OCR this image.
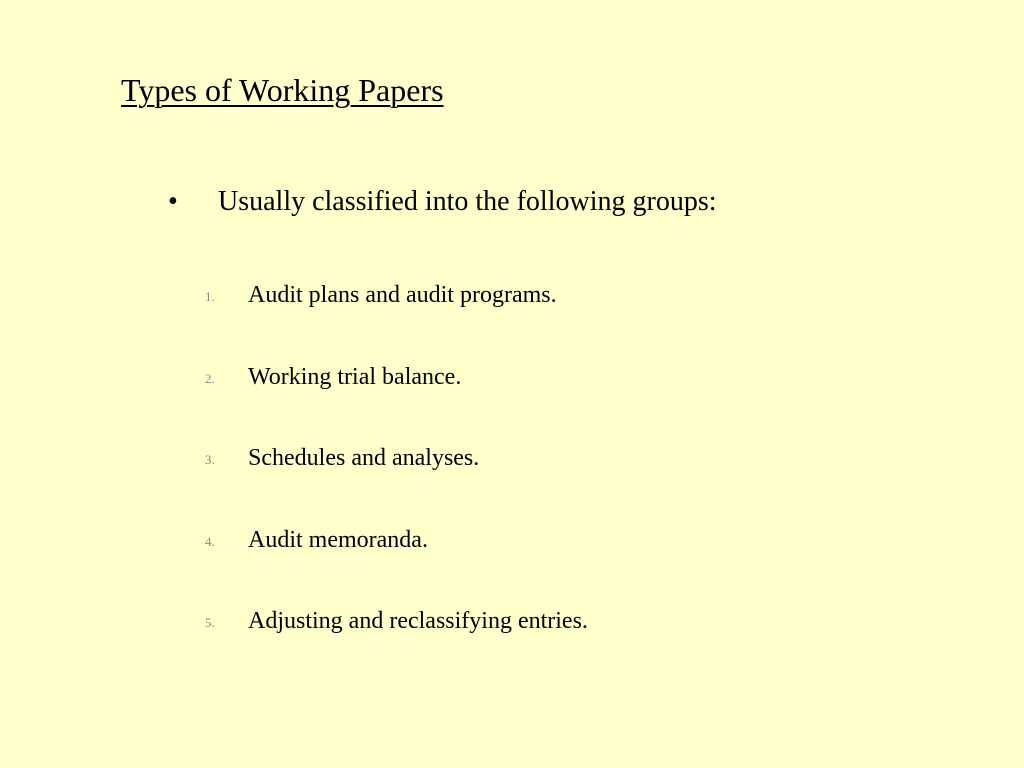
Types of Working Papers
•	Usually classified into the following groups:
1. Audit plans and audit programs.
2. Working trial balance.
3. Schedules and analyses.
4. Audit memoranda.
5. Adjusting and reclassifying entries.
